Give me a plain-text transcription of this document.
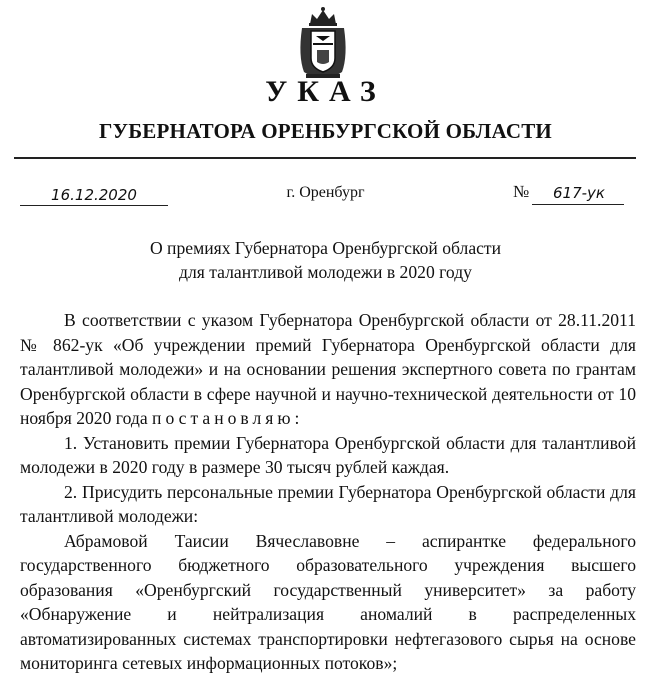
УКАЗ
ГУБЕРНАТОРА ОРЕНБУРГСКОЙ ОБЛАСТИ
16.12.2020	г. Оренбург	№	617-ук
О премиях Губернатора Оренбургской области
для талантливой молодежи в 2020 году

В соответствии с указом Губернатора Оренбургской области от 28.11.2011 № 862-ук «Об учреждении премий Губернатора Оренбургской области для талантливой молодежи» и на основании решения экспертного совета по грантам Оренбургской области в сфере научной и научно-технической деятельности от 10 ноября 2020 года постановляю:

1. Установить премии Губернатора Оренбургской области для талантливой молодежи в 2020 году в размере 30 тысяч рублей каждая.

2. Присудить персональные премии Губернатора Оренбургской области для талантливой молодежи:

Абрамовой Таисии Вячеславовне – аспирантке федерального государственного бюджетного образовательного учреждения высшего образования «Оренбургский государственный университет» за работу «Обнаружение и нейтрализация аномалий в распределенных автоматизированных системах транспортировки нефтегазового сырья на основе мониторинга сетевых информационных потоков»;
